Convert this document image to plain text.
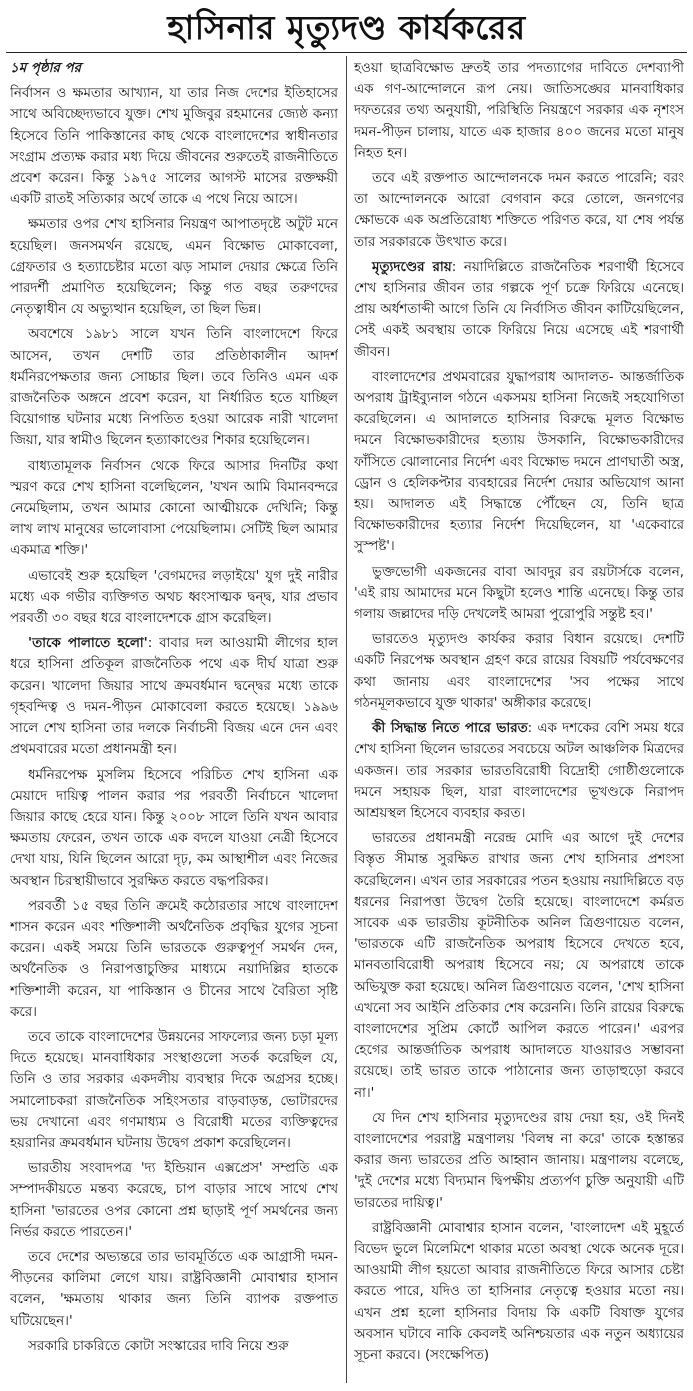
হাসিনার মৃত্যুদণ্ড কার্যকরের

১ম পৃষ্ঠার পর

নির্বাসন ও ক্ষমতার আখ্যান, যা তার নিজ দেশের ইতিহাসের সাথে অবিচ্ছেদ্যভাবে যুক্ত। শেখ মুজিবুর রহমানের জ্যেষ্ঠ কন্যা হিসেবে তিনি পাকিস্তানের কাছ থেকে বাংলাদেশের স্বাধীনতার সংগ্রাম প্রত্যক্ষ করার মধ্য দিয়ে জীবনের শুরুতেই রাজনীতিতে প্রবেশ করেন। কিন্তু ১৯৭৫ সালের আগস্ট মাসের রক্তক্ষয়ী একটি রাতই সত্যিকার অর্থে তাকে এ পথে নিয়ে আসে।

ক্ষমতার ওপর শেখ হাসিনার নিয়ন্ত্রণ আপাতদৃষ্টে অটুট মনে হয়েছিল। জনসমর্থন রয়েছে, এমন বিক্ষোভ মোকাবেলা, গ্রেফতার ও হত্যাচেষ্টার মতো ঝড় সামাল দেয়ার ক্ষেত্রে তিনি পারদর্শী প্রমাণিত হয়েছিলেন; কিন্তু গত বছর তরুণদের নেতৃত্বাধীন যে অভ্যুত্থান হয়েছিল, তা ছিল ভিন্ন।

অবশেষে ১৯৮১ সালে যখন তিনি বাংলাদেশে ফিরে আসেন, তখন দেশটি তার প্রতিষ্ঠাকালীন আদর্শ ধর্মনিরপেক্ষতার জন্য সোচ্চার ছিল। তবে তিনিও এমন এক রাজনৈতিক অঙ্গনে প্রবেশ করেন, যা নির্ধারিত হতে যাচ্ছিল বিয়োগান্ত ঘটনার মধ্যে নিপতিত হওয়া আরেক নারী খালেদা জিয়া, যার স্বামীও ছিলেন হত্যাকাণ্ডের শিকার হয়েছিলেন।

বাধ্যতামূলক নির্বাসন থেকে ফিরে আসার দিনটির কথা স্মরণ করে শেখ হাসিনা বলেছিলেন, 'যখন আমি বিমানবন্দরে নেমেছিলাম, তখন আমার কোনো আত্মীয়কে দেখিনি; কিন্তু লাখ লাখ মানুষের ভালোবাসা পেয়েছিলাম। সেটিই ছিল আমার একমাত্র শক্তি।'

এভাবেই শুরু হয়েছিল 'বেগমদের লড়াইয়ে' যুগ দুই নারীর মধ্যে এক গভীর ব্যক্তিগত অথচ ধ্বংসাত্মক দ্বন্দ্ব, যার প্রভাব পরবর্তী ৩০ বছর ধরে বাংলাদেশকে গ্রাস করেছিল।

'তাকে পালাতে হলো': বাবার দল আওয়ামী লীগের হাল ধরে হাসিনা প্রতিকূল রাজনৈতিক পথে এক দীর্ঘ যাত্রা শুরু করেন। খালেদা জিয়ার সাথে ক্রমবর্ধমান দ্বন্দ্বের মধ্যে তাকে গৃহবন্দিত্ব ও দমন-পীড়ন মোকাবেলা করতে হয়েছে। ১৯৯৬ সালে শেখ হাসিনা তার দলকে নির্বাচনী বিজয় এনে দেন এবং প্রথমবারের মতো প্রধানমন্ত্রী হন।

ধর্মনিরপেক্ষ মুসলিম হিসেবে পরিচিত শেখ হাসিনা এক মেয়াদে দায়িত্ব পালন করার পর পরবর্তী নির্বাচনে খালেদা জিয়ার কাছে হেরে যান। কিন্তু ২০০৮ সালে তিনি যখন আবার ক্ষমতায় ফেরেন, তখন তাকে এক বদলে যাওয়া নেত্রী হিসেবে দেখা যায়, যিনি ছিলেন আরো দৃঢ়, কম আস্থাশীল এবং নিজের অবস্থান চিরস্থায়ীভাবে সুরক্ষিত করতে বদ্ধপরিকর।

পরবর্তী ১৫ বছর তিনি ক্রমেই কঠোরতার সাথে বাংলাদেশ শাসন করেন এবং শক্তিশালী অর্থনৈতিক প্রবৃদ্ধির যুগের সূচনা করেন। একই সময়ে তিনি ভারতকে গুরুত্বপূর্ণ সমর্থন দেন, অর্থনৈতিক ও নিরাপত্তাচুক্তির মাধ্যমে নয়াদিল্লির হাতকে শক্তিশালী করেন, যা পাকিস্তান ও চীনের সাথে বৈরিতা সৃষ্টি করে।

তবে তাকে বাংলাদেশের উন্নয়নের সাফল্যের জন্য চড়া মূল্য দিতে হয়েছে। মানবাধিকার সংস্থাগুলো সতর্ক করেছিল যে, তিনি ও তার সরকার একদলীয় ব্যবস্থার দিকে অগ্রসর হচ্ছে। সমালোচকরা রাজনৈতিক সহিংসতার বাড়বাড়ন্ত, ভোটারদের ভয় দেখানো এবং গণমাধ্যম ও বিরোধী মতের ব্যক্তিত্বদের হয়রানির ক্রমবর্ধমান ঘটনায় উদ্বেগ প্রকাশ করেছিলেন।

ভারতীয় সংবাদপত্র 'দ্য ইন্ডিয়ান এক্সপ্রেস' সম্প্রতি এক সম্পাদকীয়তে মন্তব্য করেছে, চাপ বাড়ার সাথে সাথে শেখ হাসিনা 'ভারতের ওপর কোনো প্রশ্ন ছাড়াই পূর্ণ সমর্থনের জন্য নির্ভর করতে পারতেন।'

তবে দেশের অভ্যন্তরে তার ভাবমূর্তিতে এক আগ্রাসী দমন-পীড়নের কালিমা লেগে যায়। রাষ্ট্রবিজ্ঞানী মোবাশ্বার হাসান বলেন, 'ক্ষমতায় থাকার জন্য তিনি ব্যাপক রক্তপাত ঘটিয়েছেন।'

সরকারি চাকরিতে কোটা সংস্কারের দাবি নিয়ে শুরু

হওয়া ছাত্রবিক্ষোভ দ্রুতই তার পদত্যাগের দাবিতে দেশব্যাপী এক গণ-আন্দোলনে রূপ নেয়। জাতিসঙ্ঘের মানবাধিকার দফতরের তথ্য অনুযায়ী, পরিস্থিতি নিয়ন্ত্রণে সরকার এক নৃশংস দমন-পীড়ন চালায়, যাতে এক হাজার ৪০০ জনের মতো মানুষ নিহত হন।

তবে এই রক্তপাত আন্দোলনকে দমন করতে পারেনি; বরং তা আন্দোলনকে আরো বেগবান করে তোলে, জনগণের ক্ষোভকে এক অপ্রতিরোধ্য শক্তিতে পরিণত করে, যা শেষ পর্যন্ত তার সরকারকে উৎখাত করে।

মৃত্যুদণ্ডের রায়: নয়াদিল্লিতে রাজনৈতিক শরণার্থী হিসেবে শেখ হাসিনার জীবন তার গল্পকে পূর্ণ চক্রে ফিরিয়ে এনেছে। প্রায় অর্ধশতাব্দী আগে তিনি যে নির্বাসিত জীবন কাটিয়েছিলেন, সেই একই অবস্থায় তাকে ফিরিয়ে নিয়ে এসেছে এই শরণার্থী জীবন।

বাংলাদেশের প্রথমবারের যুদ্ধাপরাধ আদালত- আন্তর্জাতিক অপরাধ ট্রাইব্যুনাল গঠনে একসময় হাসিনা নিজেই সহযোগিতা করেছিলেন। এ আদালতে হাসিনার বিরুদ্ধে মূলত বিক্ষোভ দমনে বিক্ষোভকারীদের হত্যায় উসকানি, বিক্ষোভকারীদের ফাঁসিতে ঝোলানোর নির্দেশ এবং বিক্ষোভ দমনে প্রাণঘাতী অস্ত্র, ড্রোন ও হেলিকপ্টার ব্যবহারের নির্দেশ দেয়ার অভিযোগ আনা হয়। আদালত এই সিদ্ধান্তে পৌঁছেন যে, তিনি ছাত্র বিক্ষোভকারীদের হত্যার নির্দেশ দিয়েছিলেন, যা 'একেবারে সুস্পষ্ট'।

ভুক্তভোগী একজনের বাবা আবদুর রব রয়টার্সকে বলেন, 'এই রায় আমাদের মনে কিছুটা হলেও শান্তি এনেছে। কিন্তু তার গলায় জল্লাদের দড়ি দেখলেই আমরা পুরোপুরি সন্তুষ্ট হব।'

ভারতেও মৃত্যুদণ্ড কার্যকর করার বিধান রয়েছে। দেশটি একটি নিরপেক্ষ অবস্থান গ্রহণ করে রায়ের বিষয়টি পর্যবেক্ষণের কথা জানায় এবং বাংলাদেশের 'সব পক্ষের সাথে গঠনমূলকভাবে যুক্ত থাকার' অঙ্গীকার করেছে।

কী সিদ্ধান্ত নিতে পারে ভারত: এক দশকের বেশি সময় ধরে শেখ হাসিনা ছিলেন ভারতের সবচেয়ে অটল আঞ্চলিক মিত্রদের একজন। তার সরকার ভারতবিরোধী বিদ্রোহী গোষ্ঠীগুলোকে দমনে সহায়ক ছিল, যারা বাংলাদেশের ভূখণ্ডকে নিরাপদ আশ্রয়স্থল হিসেবে ব্যবহার করত।

ভারতের প্রধানমন্ত্রী নরেন্দ্র মোদি এর আগে দুই দেশের বিস্তৃত সীমান্ত সুরক্ষিত রাখার জন্য শেখ হাসিনার প্রশংসা করেছিলেন। এখন তার সরকারের পতন হওয়ায় নয়াদিল্লিতে বড় ধরনের নিরাপত্তা উদ্বেগ তৈরি হয়েছে। বাংলাদেশে কর্মরত সাবেক এক ভারতীয় কূটনীতিক অনিল ত্রিগুণায়েত বলেন, 'ভারতকে এটি রাজনৈতিক অপরাধ হিসেবে দেখতে হবে, মানবতাবিরোধী অপরাধ হিসেবে নয়; যে অপরাধে তাকে অভিযুক্ত করা হয়েছে। অনিল ত্রিগুণায়েত বলেন, 'শেখ হাসিনা এখনো সব আইনি প্রতিকার শেষ করেননি। তিনি রায়ের বিরুদ্ধে বাংলাদেশের সুপ্রিম কোর্টে আপিল করতে পারেন।' এরপর হেগের আন্তর্জাতিক অপরাধ আদালতে যাওয়ারও সম্ভাবনা রয়েছে। তাই ভারত তাকে পাঠানোর জন্য তাড়াহুড়ো করবে না।'

যে দিন শেখ হাসিনার মৃত্যুদণ্ডের রায় দেয়া হয়, ওই দিনই বাংলাদেশের পররাষ্ট্র মন্ত্রণালয় 'বিলম্ব না করে' তাকে হস্তান্তর করার জন্য ভারতের প্রতি আহ্বান জানায়। মন্ত্রণালয় বলেছে, 'দুই দেশের মধ্যে বিদ্যমান দ্বিপক্ষীয় প্রত্যর্পণ চুক্তি অনুযায়ী এটি ভারতের দায়িত্ব।'

রাষ্ট্রবিজ্ঞানী মোবাশ্বার হাসান বলেন, 'বাংলাদেশ এই মুহূর্তে বিভেদ ভুলে মিলেমিশে থাকার মতো অবস্থা থেকে অনেক দূরে। আওয়ামী লীগ হয়তো আবার রাজনীতিতে ফিরে আসার চেষ্টা করতে পারে, যদিও তা হাসিনার নেতৃত্বে হওয়ার মতো নয়। এখন প্রশ্ন হলো হাসিনার বিদায় কি একটি বিষাক্ত যুগের অবসান ঘটাবে নাকি কেবলই অনিশ্চয়তার এক নতুন অধ্যায়ের সূচনা করবে। (সংক্ষেপিত)
